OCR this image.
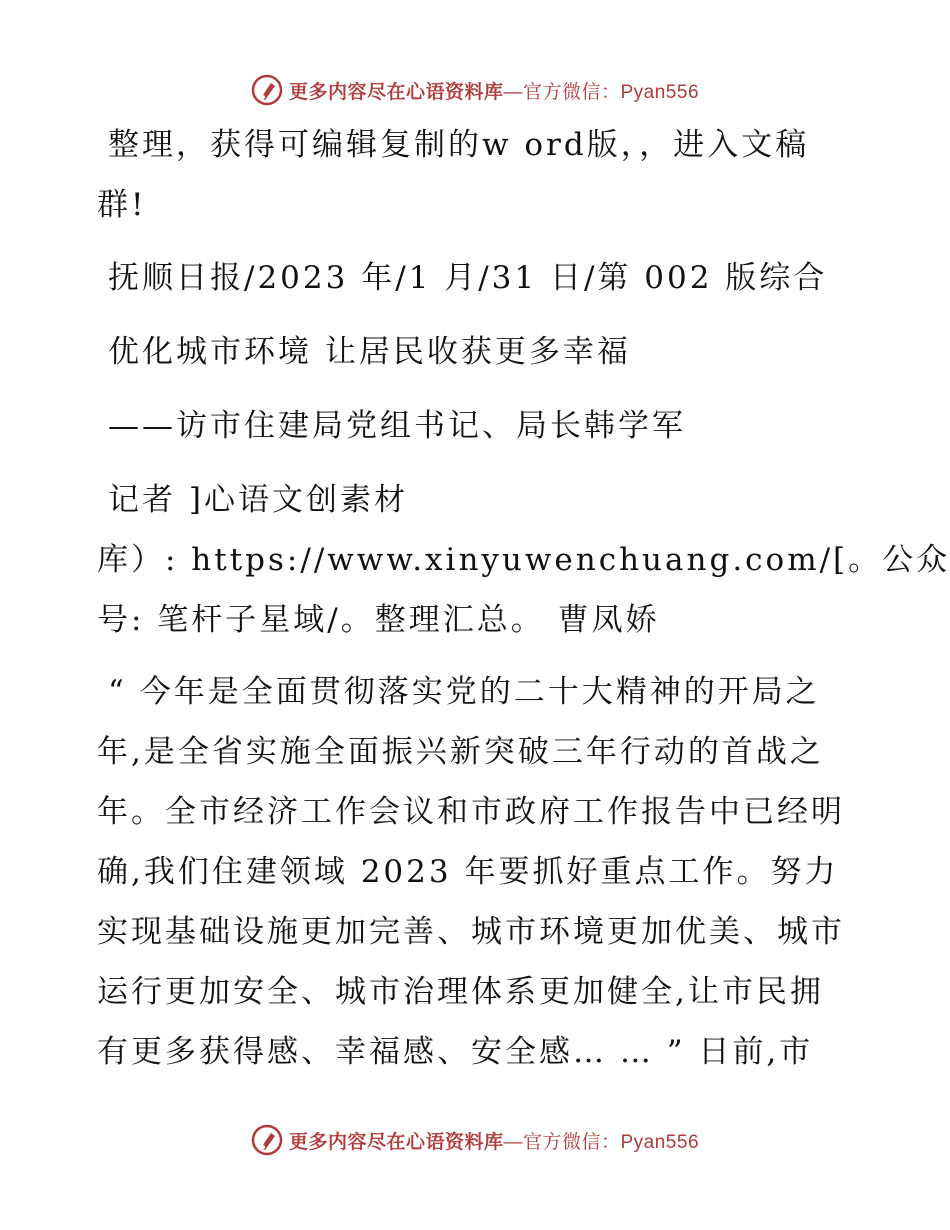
更多内容尽在心语资料库—官方微信：Pyan556
整理，获得可编辑复制的w ord版，，进入文稿
群!
抚顺日报/2023 年/1 月/31 日/第 002 版综合
优化城市环境 让居民收获更多幸福
——访市住建局党组书记、局长韩学军
记者 ]心语文创素材
库）: https://www.xinyuwenchuang.com/[。公众
号: 笔杆子星域/。整理汇总。 曹凤娇
“ 今年是全面贯彻落实党的二十大精神的开局之
年,是全省实施全面振兴新突破三年行动的首战之
年。全市经济工作会议和市政府工作报告中已经明
确,我们住建领域 2023 年要抓好重点工作。努力
实现基础设施更加完善、城市环境更加优美、城市
运行更加安全、城市治理体系更加健全,让市民拥
有更多获得感、幸福感、安全感… … ” 日前,市
更多内容尽在心语资料库—官方微信：Pyan556
